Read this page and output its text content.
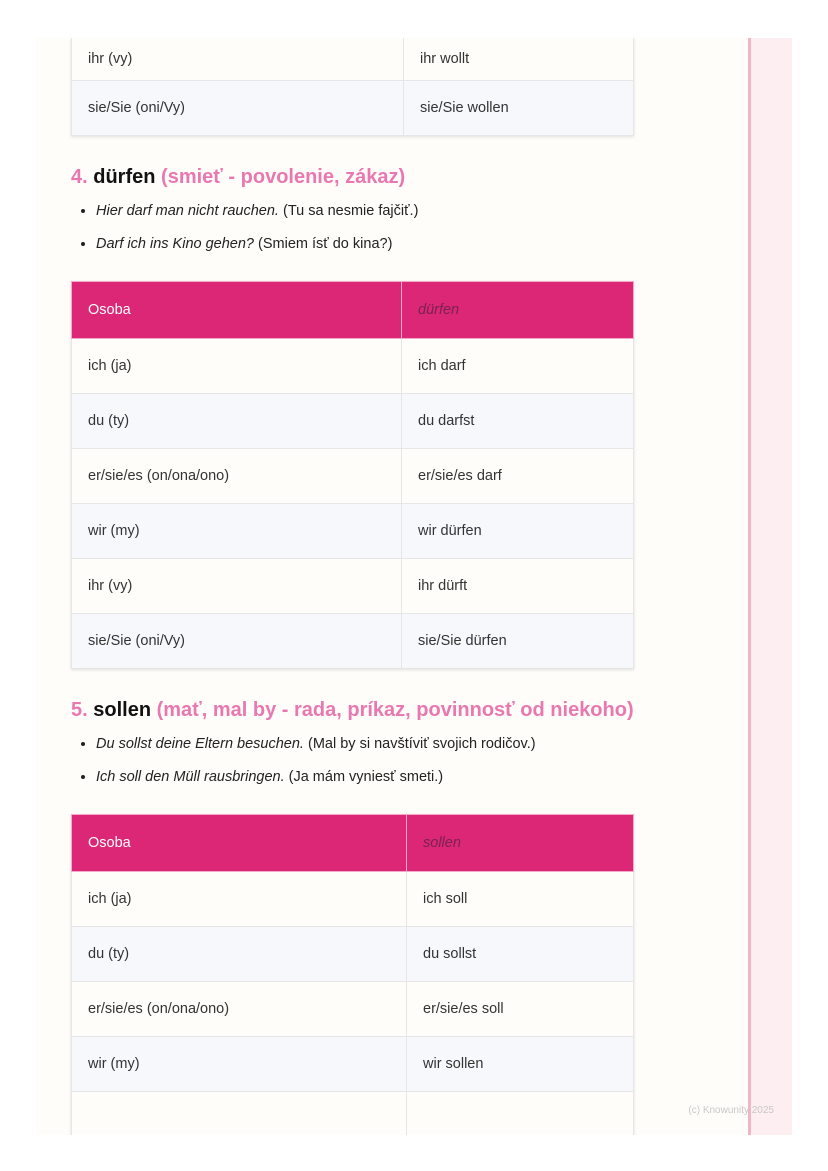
ihr (vy)	ihr wollt
sie/Sie (oni/Vy)	sie/Sie wollen
4. dürfen (smieť - povolenie, zákaz)
• Hier darf man nicht rauchen. (Tu sa nesmie fajčiť.)
• Darf ich ins Kino gehen? (Smiem ísť do kina?)
Osoba	dürfen
ich (ja)	ich darf
du (ty)	du darfst
er/sie/es (on/ona/ono)	er/sie/es darf
wir (my)	wir dürfen
ihr (vy)	ihr dürft
sie/Sie (oni/Vy)	sie/Sie dürfen
5. sollen (mať, mal by - rada, príkaz, povinnosť od niekoho)
• Du sollst deine Eltern besuchen. (Mal by si navštíviť svojich rodičov.)
• Ich soll den Müll rausbringen. (Ja mám vyniesť smeti.)
Osoba	sollen
ich (ja)	ich soll
du (ty)	du sollst
er/sie/es (on/ona/ono)	er/sie/es soll
wir (my)	wir sollen

(c) Knowunity 2025
